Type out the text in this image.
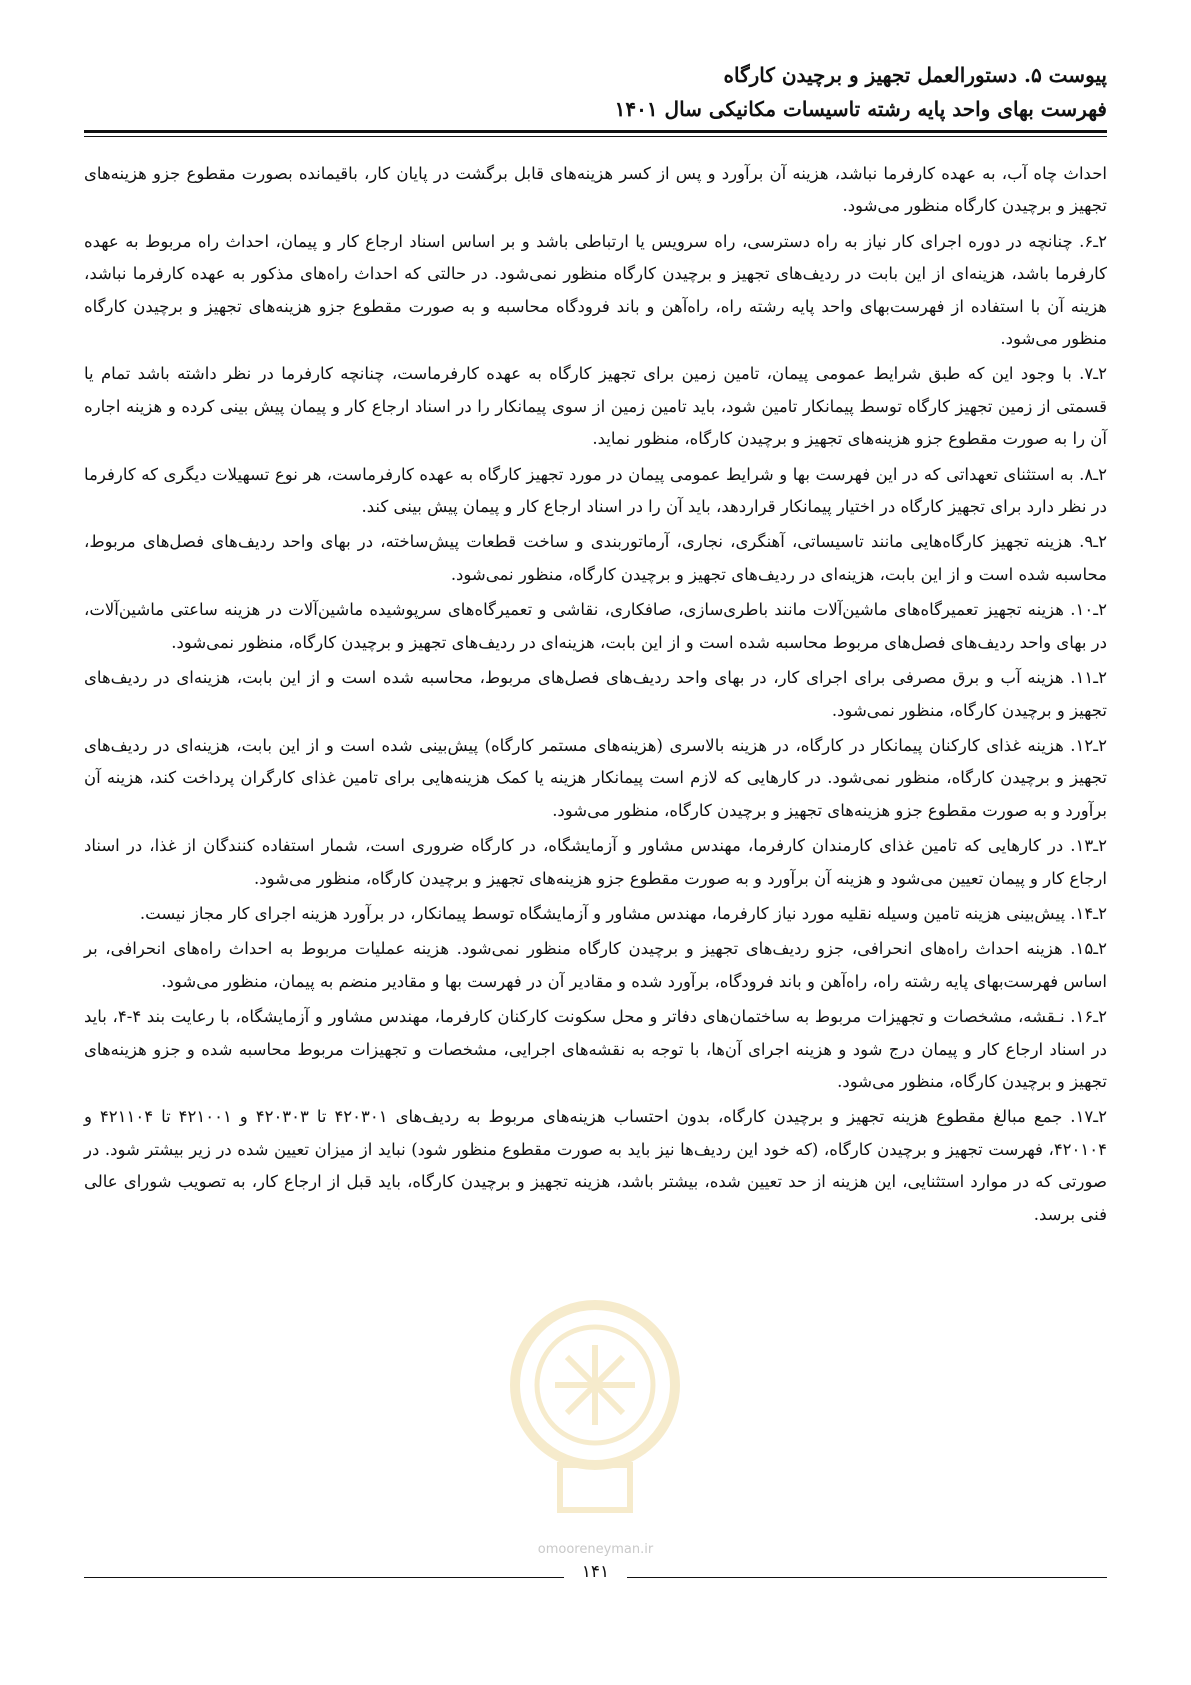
پیوست ۵. دستورالعمل تجهیز و برچیدن کارگاه
فهرست بهای واحد پایه رشته تاسیسات مکانیکی سال ۱۴۰۱

احداث چاه آب، به عهده کارفرما نباشد، هزینه آن برآورد و پس از کسر هزینه‌های قابل برگشت در پایان کار، باقیمانده بصورت مقطوع جزو هزینه‌های تجهیز و برچیدن کارگاه منظور می‌شود.

۲ـ۶. چنانچه در دوره اجرای کار نیاز به راه دسترسی، راه سرویس یا ارتباطی باشد و بر اساس اسناد ارجاع کار و پیمان، احداث راه مربوط به عهده کارفرما باشد، هزینه‌ای از این بابت در ردیف‌های تجهیز و برچیدن کارگاه منظور نمی‌شود. در حالتی که احداث راه‌های مذکور به عهده کارفرما نباشد، هزینه آن با استفاده از فهرست‌بهای واحد پایه رشته راه، راه‌آهن و باند فرودگاه محاسبه و به صورت مقطوع جزو هزینه‌های تجهیز و برچیدن کارگاه منظور می‌شود.

۲ـ۷. با وجود این که طبق شرایط عمومی پیمان، تامین زمین برای تجهیز کارگاه به عهده کارفرماست، چنانچه کارفرما در نظر داشته باشد تمام یا قسمتی از زمین تجهیز کارگاه توسط پیمانکار تامین شود، باید تامین زمین از سوی پیمانکار را در اسناد ارجاع کار و پیمان پیش بینی کرده و هزینه اجاره آن را به صورت مقطوع جزو هزینه‌های تجهیز و برچیدن کارگاه، منظور نماید.

۲ـ۸. به استثنای تعهداتی که در این فهرست بها و شرایط عمومی پیمان در مورد تجهیز کارگاه به عهده کارفرماست، هر نوع تسهیلات دیگری که کارفرما در نظر دارد برای تجهیز کارگاه در اختیار پیمانکار قراردهد، باید آن را در اسناد ارجاع کار و پیمان پیش بینی کند.

۲ـ۹. هزینه تجهیز کارگاه‌هایی مانند تاسیساتی، آهنگری، نجاری، آرماتوربندی و ساخت قطعات پیش‌ساخته، در بهای واحد ردیف‌های فصل‌های مربوط، محاسبه شده است و از این بابت، هزینه‌ای در ردیف‌های تجهیز و برچیدن کارگاه، منظور نمی‌شود.

۲ـ۱۰. هزینه تجهیز تعمیرگاه‌های ماشین‌آلات مانند باطری‌سازی، صافکاری، نقاشی و تعمیرگاه‌های سرپوشیده ماشین‌آلات در هزینه ساعتی ماشین‌آلات، در بهای واحد ردیف‌های فصل‌های مربوط محاسبه شده است و از این بابت، هزینه‌ای در ردیف‌های تجهیز و برچیدن کارگاه، منظور نمی‌شود.

۲ـ۱۱. هزینه آب و برق مصرفی برای اجرای کار، در بهای واحد ردیف‌های فصل‌های مربوط، محاسبه شده است و از این بابت، هزینه‌ای در ردیف‌های تجهیز و برچیدن کارگاه، منظور نمی‌شود.

۲ـ۱۲. هزینه غذای کارکنان پیمانکار در کارگاه، در هزینه بالاسری (هزینه‌های مستمر کارگاه) پیش‌بینی شده است و از این بابت، هزینه‌ای در ردیف‌های تجهیز و برچیدن کارگاه، منظور نمی‌شود. در کارهایی که لازم است پیمانکار هزینه یا کمک هزینه‌هایی برای تامین غذای کارگران پرداخت کند، هزینه آن برآورد و به صورت مقطوع جزو هزینه‌های تجهیز و برچیدن کارگاه، منظور می‌شود.

۲ـ۱۳. در کارهایی که تامین غذای کارمندان کارفرما، مهندس مشاور و آزمایشگاه، در کارگاه ضروری است، شمار استفاده کنندگان از غذا، در اسناد ارجاع کار و پیمان تعیین می‌شود و هزینه آن برآورد و به صورت مقطوع جزو هزینه‌های تجهیز و برچیدن کارگاه، منظور می‌شود.

۲ـ۱۴. پیش‌بینی هزینه تامین وسیله نقلیه مورد نیاز کارفرما، مهندس مشاور و آزمایشگاه توسط پیمانکار، در برآورد هزینه اجرای کار مجاز نیست.

۲ـ۱۵. هزینه احداث راه‌های انحرافی، جزو ردیف‌های تجهیز و برچیدن کارگاه منظور نمی‌شود. هزینه عملیات مربوط به احداث راه‌های انحرافی، بر اساس فهرست‌بهای پایه رشته راه، راه‌آهن و باند فرودگاه، برآورد شده و مقادیر آن در فهرست بها و مقادیر منضم به پیمان، منظور می‌شود.

۲ـ۱۶. نـقشه، مشخصات و تجهیزات مربوط به ساختمان‌های دفاتر و محل سکونت کارکنان کارفرما، مهندس مشاور و آزمایشگاه، با رعایت بند ۴-۴، باید در اسناد ارجاع کار و پیمان درج شود و هزینه اجرای آن‌ها، با توجه به نقشه‌های اجرایی، مشخصات و تجهیزات مربوط محاسبه شده و جزو هزینه‌های تجهیز و برچیدن کارگاه، منظور می‌شود.

۲ـ۱۷. جمع مبالغ مقطوع هزینه تجهیز و برچیدن کارگاه، بدون احتساب هزینه‌های مربوط به ردیف‌های ۴۲۰۳۰۱ تا ۴۲۰۳۰۳ و ۴۲۱۰۰۱ تا ۴۲۱۱۰۴ و ۴۲۰۱۰۴، فهرست تجهیز و برچیدن کارگاه، (که خود این ردیف‌ها نیز باید به صورت مقطوع منظور شود) نباید از میزان تعیین شده در زیر بیشتر شود. در صورتی که در موارد استثنایی، این هزینه از حد تعیین شده، بیشتر باشد، هزینه تجهیز و برچیدن کارگاه، باید قبل از ارجاع کار، به تصویب شورای عالی فنی برسد.

omooreneyman.ir
۱۴۱
